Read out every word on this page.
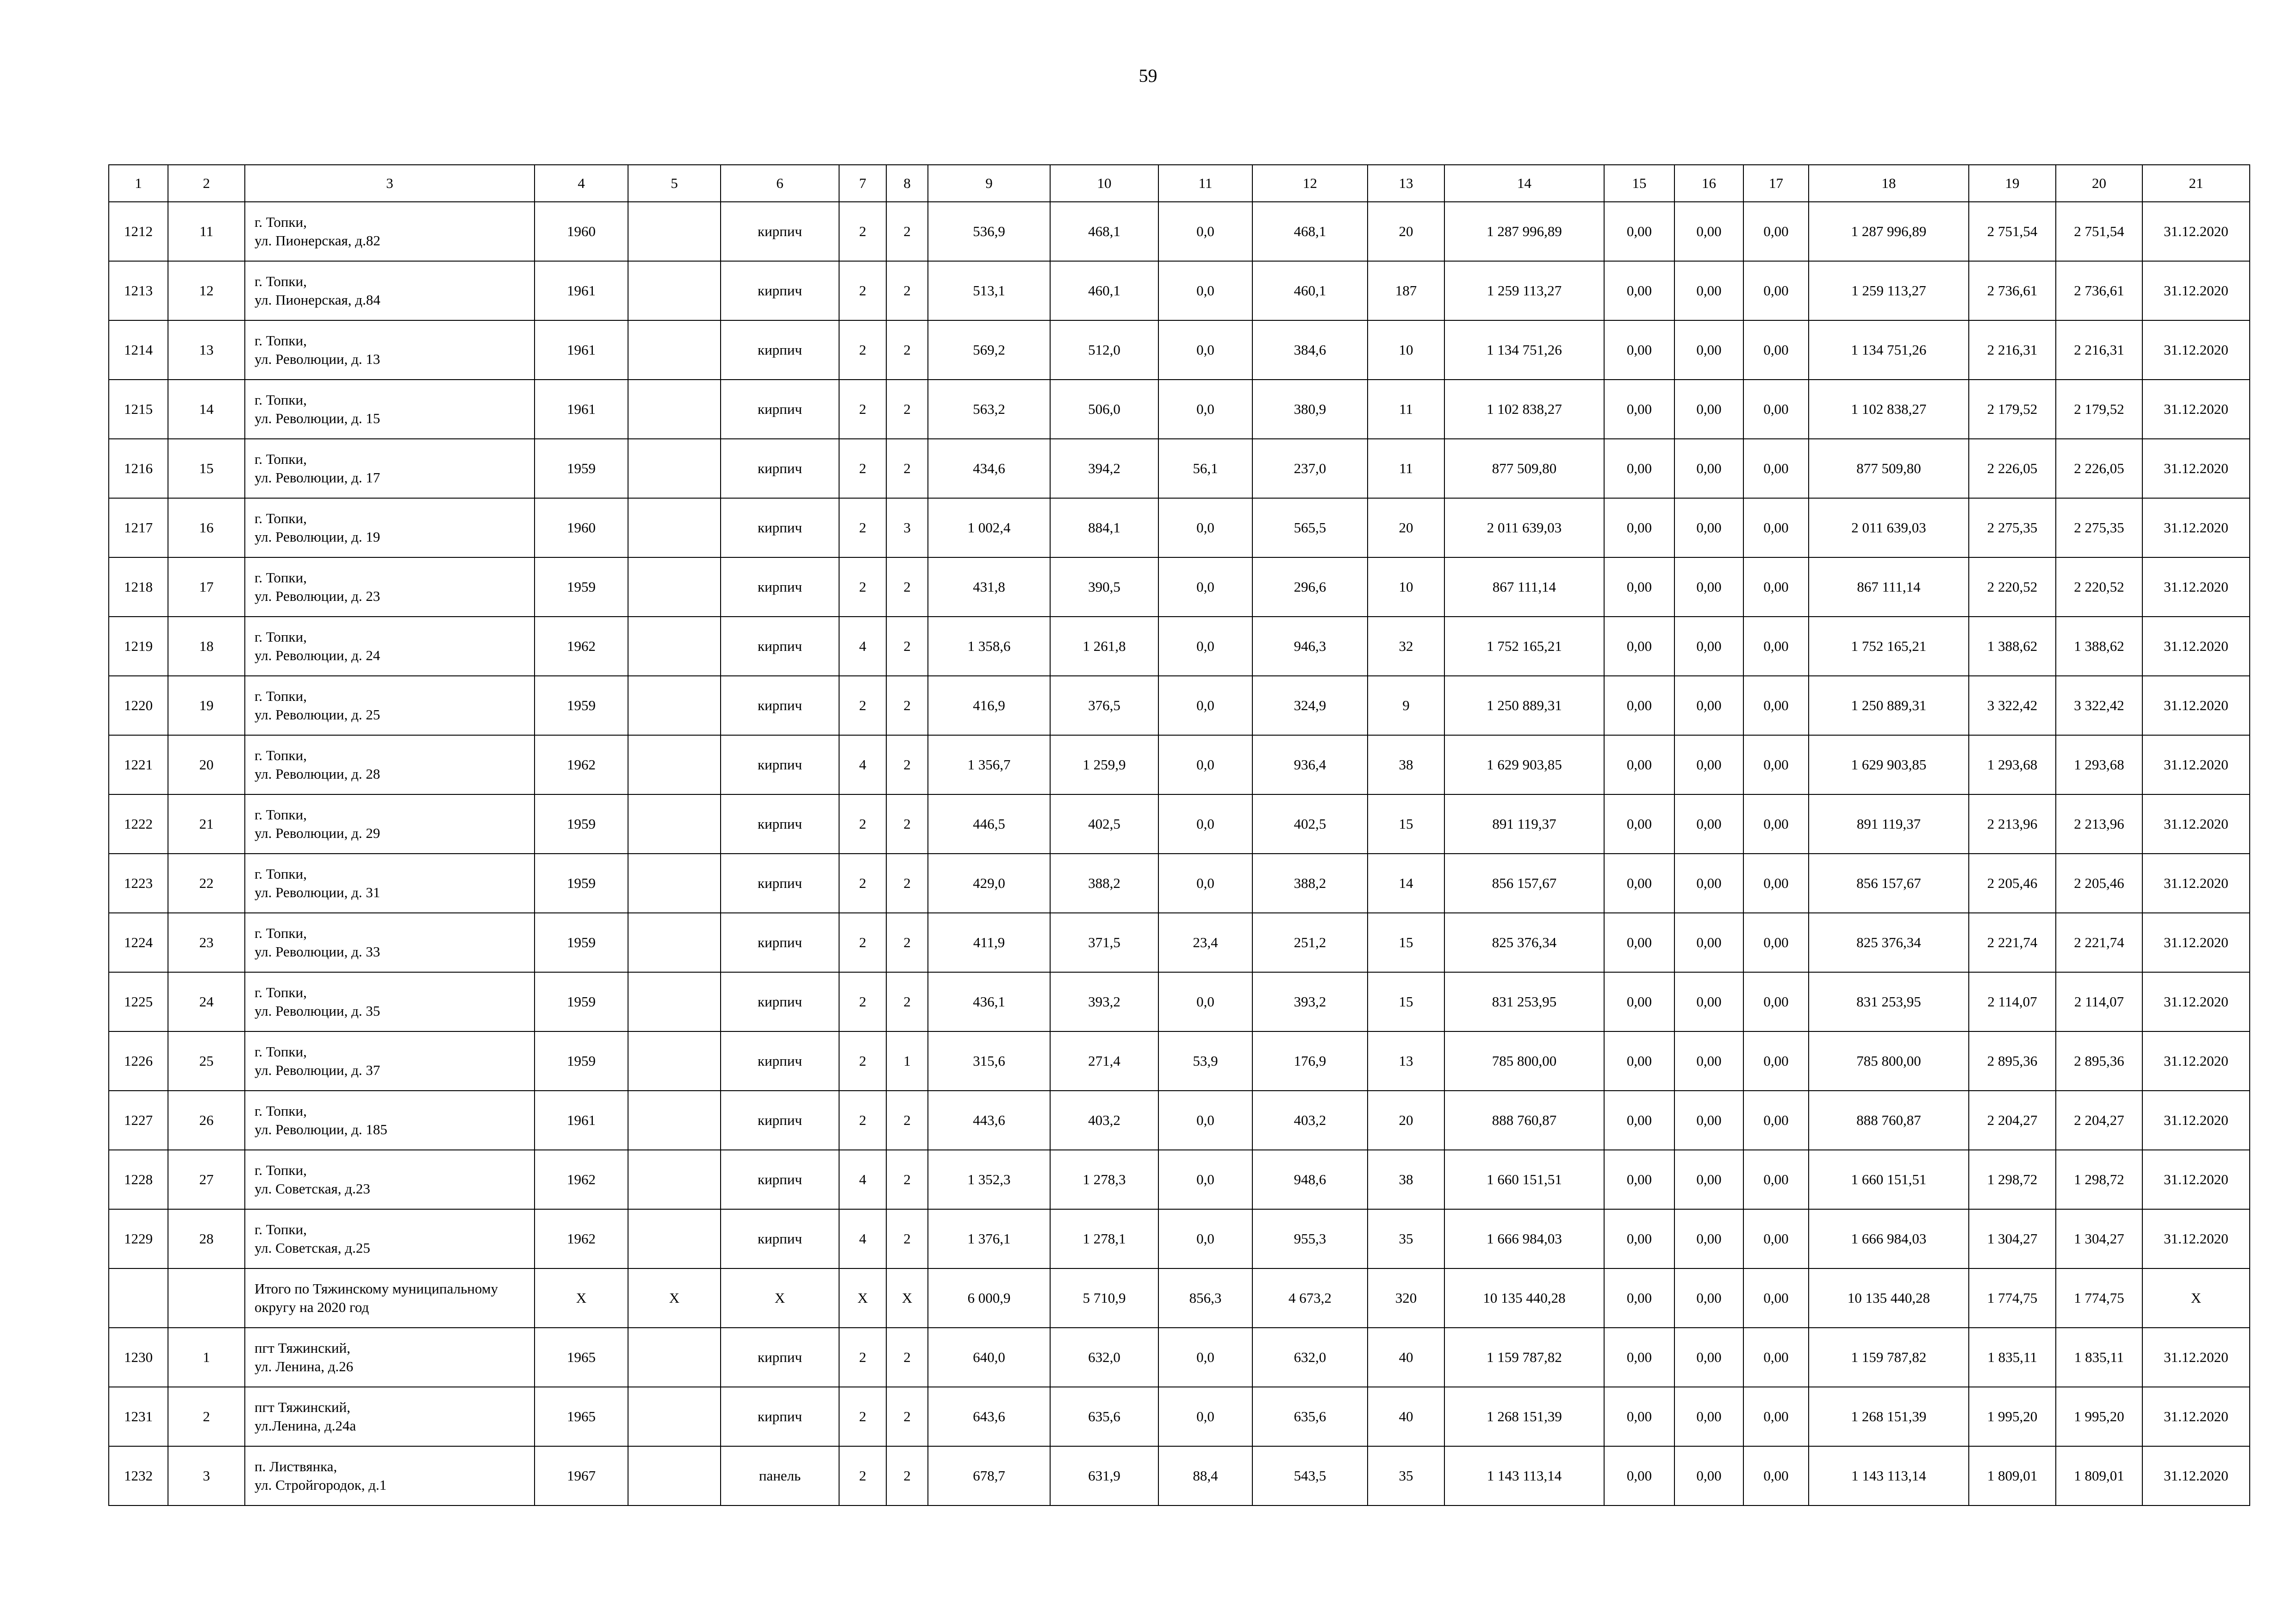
59
1	2	3	4	5	6	7	8	9	10	11	12	13	14	15	16	17	18	19	20	21
1212	11	г. Топки,
ул. Пионерская, д.82	1960		кирпич	2	2	536,9	468,1	0,0	468,1	20	1 287 996,89	0,00	0,00	0,00	1 287 996,89	2 751,54	2 751,54	31.12.2020
1213	12	г. Топки,
ул. Пионерская, д.84	1961		кирпич	2	2	513,1	460,1	0,0	460,1	187	1 259 113,27	0,00	0,00	0,00	1 259 113,27	2 736,61	2 736,61	31.12.2020
1214	13	г. Топки,
ул. Революции, д. 13	1961		кирпич	2	2	569,2	512,0	0,0	384,6	10	1 134 751,26	0,00	0,00	0,00	1 134 751,26	2 216,31	2 216,31	31.12.2020
1215	14	г. Топки,
ул. Революции, д. 15	1961		кирпич	2	2	563,2	506,0	0,0	380,9	11	1 102 838,27	0,00	0,00	0,00	1 102 838,27	2 179,52	2 179,52	31.12.2020
1216	15	г. Топки,
ул. Революции, д. 17	1959		кирпич	2	2	434,6	394,2	56,1	237,0	11	877 509,80	0,00	0,00	0,00	877 509,80	2 226,05	2 226,05	31.12.2020
1217	16	г. Топки,
ул. Революции, д. 19	1960		кирпич	2	3	1 002,4	884,1	0,0	565,5	20	2 011 639,03	0,00	0,00	0,00	2 011 639,03	2 275,35	2 275,35	31.12.2020
1218	17	г. Топки,
ул. Революции, д. 23	1959		кирпич	2	2	431,8	390,5	0,0	296,6	10	867 111,14	0,00	0,00	0,00	867 111,14	2 220,52	2 220,52	31.12.2020
1219	18	г. Топки,
ул. Революции, д. 24	1962		кирпич	4	2	1 358,6	1 261,8	0,0	946,3	32	1 752 165,21	0,00	0,00	0,00	1 752 165,21	1 388,62	1 388,62	31.12.2020
1220	19	г. Топки,
ул. Революции, д. 25	1959		кирпич	2	2	416,9	376,5	0,0	324,9	9	1 250 889,31	0,00	0,00	0,00	1 250 889,31	3 322,42	3 322,42	31.12.2020
1221	20	г. Топки,
ул. Революции, д. 28	1962		кирпич	4	2	1 356,7	1 259,9	0,0	936,4	38	1 629 903,85	0,00	0,00	0,00	1 629 903,85	1 293,68	1 293,68	31.12.2020
1222	21	г. Топки,
ул. Революции, д. 29	1959		кирпич	2	2	446,5	402,5	0,0	402,5	15	891 119,37	0,00	0,00	0,00	891 119,37	2 213,96	2 213,96	31.12.2020
1223	22	г. Топки,
ул. Революции, д. 31	1959		кирпич	2	2	429,0	388,2	0,0	388,2	14	856 157,67	0,00	0,00	0,00	856 157,67	2 205,46	2 205,46	31.12.2020
1224	23	г. Топки,
ул. Революции, д. 33	1959		кирпич	2	2	411,9	371,5	23,4	251,2	15	825 376,34	0,00	0,00	0,00	825 376,34	2 221,74	2 221,74	31.12.2020
1225	24	г. Топки,
ул. Революции, д. 35	1959		кирпич	2	2	436,1	393,2	0,0	393,2	15	831 253,95	0,00	0,00	0,00	831 253,95	2 114,07	2 114,07	31.12.2020
1226	25	г. Топки,
ул. Революции, д. 37	1959		кирпич	2	1	315,6	271,4	53,9	176,9	13	785 800,00	0,00	0,00	0,00	785 800,00	2 895,36	2 895,36	31.12.2020
1227	26	г. Топки,
ул. Революции, д. 185	1961		кирпич	2	2	443,6	403,2	0,0	403,2	20	888 760,87	0,00	0,00	0,00	888 760,87	2 204,27	2 204,27	31.12.2020
1228	27	г. Топки,
ул. Советская, д.23	1962		кирпич	4	2	1 352,3	1 278,3	0,0	948,6	38	1 660 151,51	0,00	0,00	0,00	1 660 151,51	1 298,72	1 298,72	31.12.2020
1229	28	г. Топки,
ул. Советская, д.25	1962		кирпич	4	2	1 376,1	1 278,1	0,0	955,3	35	1 666 984,03	0,00	0,00	0,00	1 666 984,03	1 304,27	1 304,27	31.12.2020

		Итого по Тяжинскому муниципальному
округу на 2020 год	Х	Х	Х	Х	Х	6 000,9	5 710,9	856,3	4 673,2	320	10 135 440,28	0,00	0,00	0,00	10 135 440,28	1 774,75	1 774,75	Х
1230	1	пгт Тяжинский,
ул. Ленина, д.26	1965		кирпич	2	2	640,0	632,0	0,0	632,0	40	1 159 787,82	0,00	0,00	0,00	1 159 787,82	1 835,11	1 835,11	31.12.2020
1231	2	пгт Тяжинский,
ул.Ленина, д.24а	1965		кирпич	2	2	643,6	635,6	0,0	635,6	40	1 268 151,39	0,00	0,00	0,00	1 268 151,39	1 995,20	1 995,20	31.12.2020
1232	3	п. Листвянка,
ул. Стройгородок, д.1	1967		панель	2	2	678,7	631,9	88,4	543,5	35	1 143 113,14	0,00	0,00	0,00	1 143 113,14	1 809,01	1 809,01	31.12.2020
